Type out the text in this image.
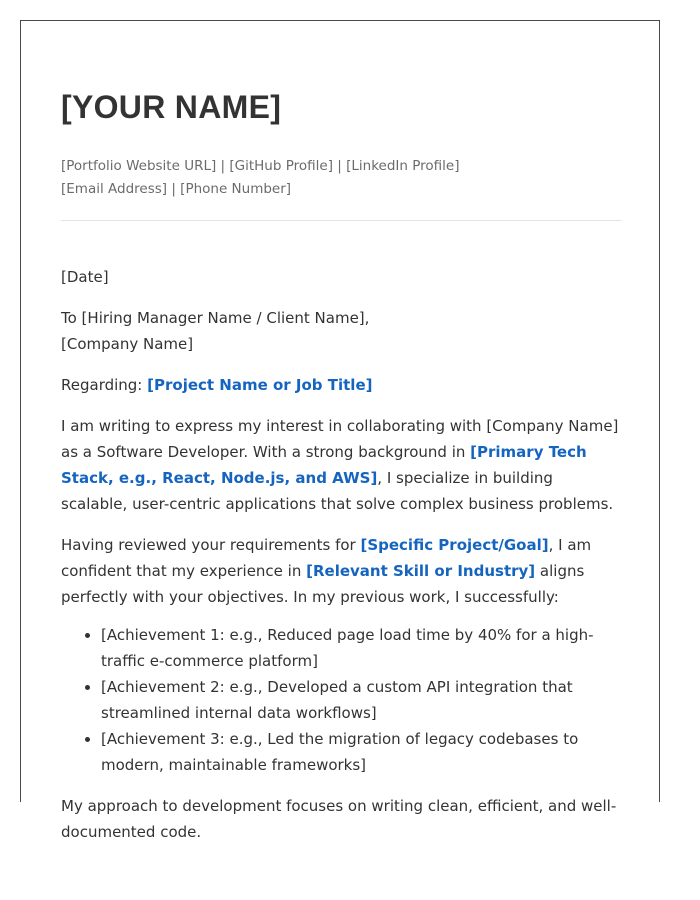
[YOUR NAME]
[Portfolio Website URL] | [GitHub Profile] | [LinkedIn Profile]
[Email Address] | [Phone Number]

[Date]

To [Hiring Manager Name / Client Name],
[Company Name]

Regarding: [Project Name or Job Title]

I am writing to express my interest in collaborating with [Company Name] as a Software Developer. With a strong background in [Primary Tech Stack, e.g., React, Node.js, and AWS], I specialize in building scalable, user-centric applications that solve complex business problems.

Having reviewed your requirements for [Specific Project/Goal], I am confident that my experience in [Relevant Skill or Industry] aligns perfectly with your objectives. In my previous work, I successfully:

• [Achievement 1: e.g., Reduced page load time by 40% for a high-traffic e-commerce platform]
• [Achievement 2: e.g., Developed a custom API integration that streamlined internal data workflows]
• [Achievement 3: e.g., Led the migration of legacy codebases to modern, maintainable frameworks]

My approach to development focuses on writing clean, efficient, and well-documented code.
